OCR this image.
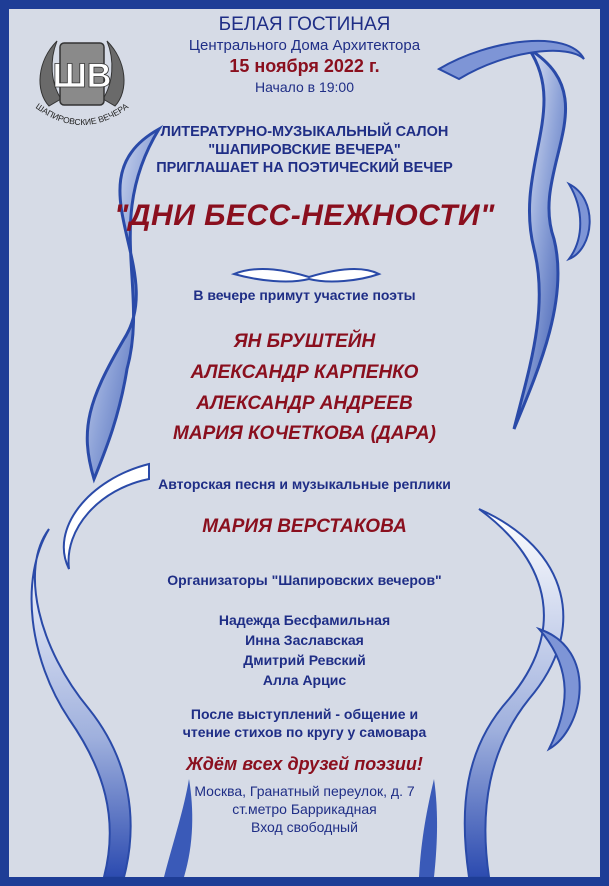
ШВ
ШАПИРОВСКИЕ ВЕЧЕРА
БЕЛАЯ ГОСТИНАЯ
Центрального Дома Архитектора
15 ноября 2022 г.
Начало в 19:00
ЛИТЕРАТУРНО-МУЗЫКАЛЬНЫЙ САЛОН
"ШАПИРОВСКИЕ ВЕЧЕРА"
ПРИГЛАШАЕТ НА ПОЭТИЧЕСКИЙ ВЕЧЕР
"ДНИ БЕСС-НЕЖНОСТИ"
В вечере примут участие поэты
ЯН БРУШТЕЙН
АЛЕКСАНДР КАРПЕНКО
АЛЕКСАНДР АНДРЕЕВ
МАРИЯ КОЧЕТКОВА (ДАРА)
Авторская песня и музыкальные реплики
МАРИЯ ВЕРСТАКОВА
Организаторы "Шапировских вечеров"
Надежда Бесфамильная
Инна Заславская
Дмитрий Ревский
Алла Арцис
После выступлений - общение и
чтение стихов по кругу у самовара
Ждём всех друзей поэзии!
Москва, Гранатный переулок, д. 7
ст.метро Баррикадная
Вход свободный
